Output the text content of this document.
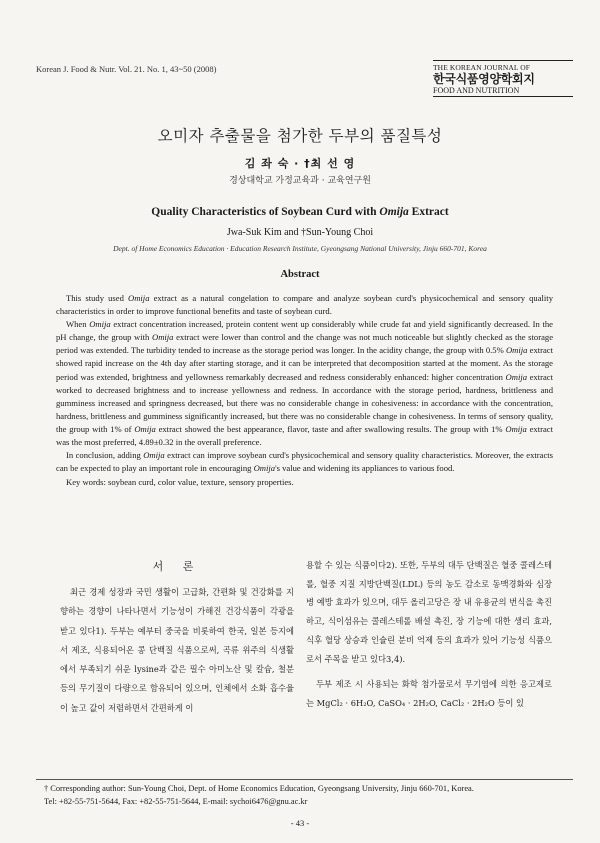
Korean J. Food & Nutr. Vol. 21. No. 1, 43~50 (2008)	THE KOREAN JOURNAL OF
한국식품영양학회지
FOOD AND NUTRITION
오미자 추출물을 첨가한 두부의 품질특성
김 좌 숙 · †최 선 영
경상대학교 가정교육과 · 교육연구원
Quality Characteristics of Soybean Curd with Omija Extract
Jwa-Suk Kim and †Sun-Young Choi
Dept. of Home Economics Education · Education Research Institute, Gyeongsang National University, Jinju 660-701, Korea
Abstract

This study used Omija extract as a natural congelation to compare and analyze soybean curd's physicochemical and sensory quality characteristics in order to improve functional benefits and taste of soybean curd.

When Omija extract concentration increased, protein content went up considerably while crude fat and yield significantly decreased. In the pH change, the group with Omija extract were lower than control and the change was not much noticeable but slightly checked as the storage period was extended. The turbidity tended to increase as the storage period was longer. In the acidity change, the group with 0.5% Omija extract showed rapid increase on the 4th day after starting storage, and it can be interpreted that decomposition started at the moment. As the storage period was extended, brightness and yellowness remarkably decreased and redness considerably enhanced: higher concentration Omija extract worked to decreased brightness and to increase yellowness and redness. In accordance with the storage period, hardness, brittleness and gumminess increased and springness decreased, but there was no considerable change in cohesiveness: in accordance with the concentration, hardness, brittleness and gumminess significantly increased, but there was no considerable change in cohesiveness. In terms of sensory quality, the group with 1% of Omija extract showed the best appearance, flavor, taste and after swallowing results. The group with 1% Omija extract was the most preferred, 4.89±0.32 in the overall preference.

In conclusion, adding Omija extract can improve soybean curd's physicochemical and sensory quality characteristics. Moreover, the extracts can be expected to play an important role in encouraging Omija's value and widening its appliances to various food.

Key words: soybean curd, color value, texture, sensory properties.

서 론

최근 경제 성장과 국민 생활이 고급화, 간편화 및 건강화를 지향하는 경향이 나타나면서 기능성이 가해진 건강식품이 각광을 받고 있다1). 두부는 예부터 중국을 비롯하여 한국, 일본 등지에서 제조, 식용되어온 콩 단백질 식품으로써, 곡류 위주의 식생활에서 부족되기 쉬운 lysine과 같은 필수 아미노산 및 칼슘, 철분 등의 무기질이 다량으로 함유되어 있으며, 인체에서 소화 흡수율이 높고 값이 저렴하면서 간편하게 이

용할 수 있는 식품이다2). 또한, 두부의 대두 단백질은 혈중 콜레스테롤, 혈중 지질 지방단백질(LDL) 등의 농도 감소로 동맥경화와 심장병 예방 효과가 있으며, 대두 올리고당은 장 내 유용균의 번식을 촉진하고, 식이섬유는 콜레스테롤 배설 촉진, 장 기능에 대한 생리 효과, 식후 혈당 상승과 인슐린 분비 억제 등의 효과가 있어 기능성 식품으로서 주목을 받고 있다3,4).

두부 제조 시 사용되는 화학 첨가물로서 무기염에 의한 응고제로는 MgCl₂ · 6H₂O, CaSO₄ · 2H₂O, CaCl₂ · 2H₂O 등이 있

† Corresponding author: Sun-Young Choi, Dept. of Home Economics Education, Gyeongsang University, Jinju 660-701, Korea.
Tel: +82-55-751-5644, Fax: +82-55-751-5644, E-mail: sychoi6476@gnu.ac.kr
- 43 -
